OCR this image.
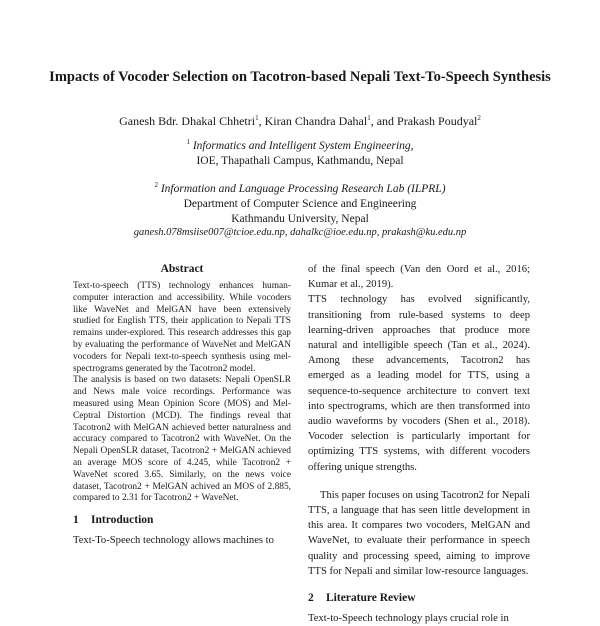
Impacts of Vocoder Selection on Tacotron-based Nepali Text-To-Speech Synthesis
Ganesh Bdr. Dhakal Chhetri$^1$, Kiran Chandra Dahal$^1$, and Prakash Poudyal$^2$
$^1$ Informatics and Intelligent System Engineering,
IOE, Thapathali Campus, Kathmandu, Nepal
$^2$ Information and Language Processing Research Lab (ILPRL)
Department of Computer Science and Engineering
Kathmandu University, Nepal
ganesh.078msiise007@tcioe.edu.np, dahalkc@ioe.edu.np, prakash@ku.edu.np
Abstract

Text-to-speech (TTS) technology enhances human-computer interaction and accessibility. While vocoders like WaveNet and MelGAN have been extensively studied for English TTS, their application to Nepali TTS remains under-explored. This research addresses this gap by evaluating the performance of WaveNet and MelGAN vocoders for Nepali text-to-speech synthesis using mel-spectrograms generated by the Tacotron2 model.

The analysis is based on two datasets: Nepali OpenSLR and News male voice recordings. Performance was measured using Mean Opinion Score (MOS) and Mel-Ceptral Distortion (MCD). The findings reveal that Tacotron2 with MelGAN achieved better naturalness and accuracy compared to Tacotron2 with WaveNet. On the Nepali OpenSLR dataset, Tacotron2 + MelGAN achieved an average MOS score of 4.245, while Tacotron2 + WaveNet scored 3.65. Similarly, on the news voice dataset, Tacotron2 + MelGAN achived an MOS of 2.885, compared to 2.31 for Tacotron2 + WaveNet.

1 Introduction
Text-To-Speech technology allows machines to

of the final speech (Van den Oord et al., 2016; Kumar et al., 2019).

TTS technology has evolved significantly, transitioning from rule-based systems to deep learning-driven approaches that produce more natural and intelligible speech (Tan et al., 2024). Among these advancements, Tacotron2 has emerged as a leading model for TTS, using a sequence-to-sequence architecture to convert text into spectrograms, which are then transformed into audio waveforms by vocoders (Shen et al., 2018). Vocoder selection is particularly important for optimizing TTS systems, with different vocoders offering unique strengths.

This paper focuses on using Tacotron2 for Nepali TTS, a language that has seen little development in this area. It compares two vocoders, MelGAN and WaveNet, to evaluate their performance in speech quality and processing speed, aiming to improve TTS for Nepali and similar low-resource languages.

2 Literature Review
Text-to-Speech technology plays crucial role in
